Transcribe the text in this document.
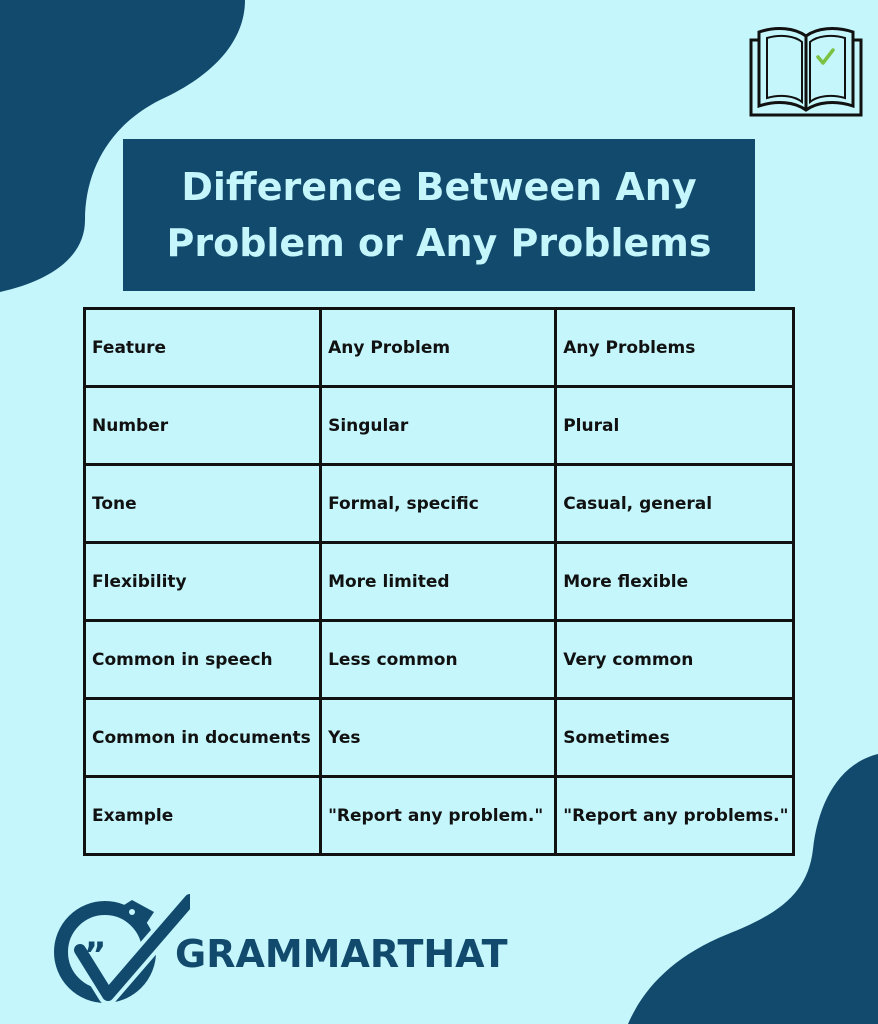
Difference Between Any Problem or Any Problems
Feature	Any Problem	Any Problems
Number	Singular	Plural
Tone	Formal, specific	Casual, general
Flexibility	More limited	More flexible
Common in speech	Less common	Very common
Common in documents	Yes	Sometimes
Example	"Report any problem."	"Report any problems."
” GRAMMARTHAT
